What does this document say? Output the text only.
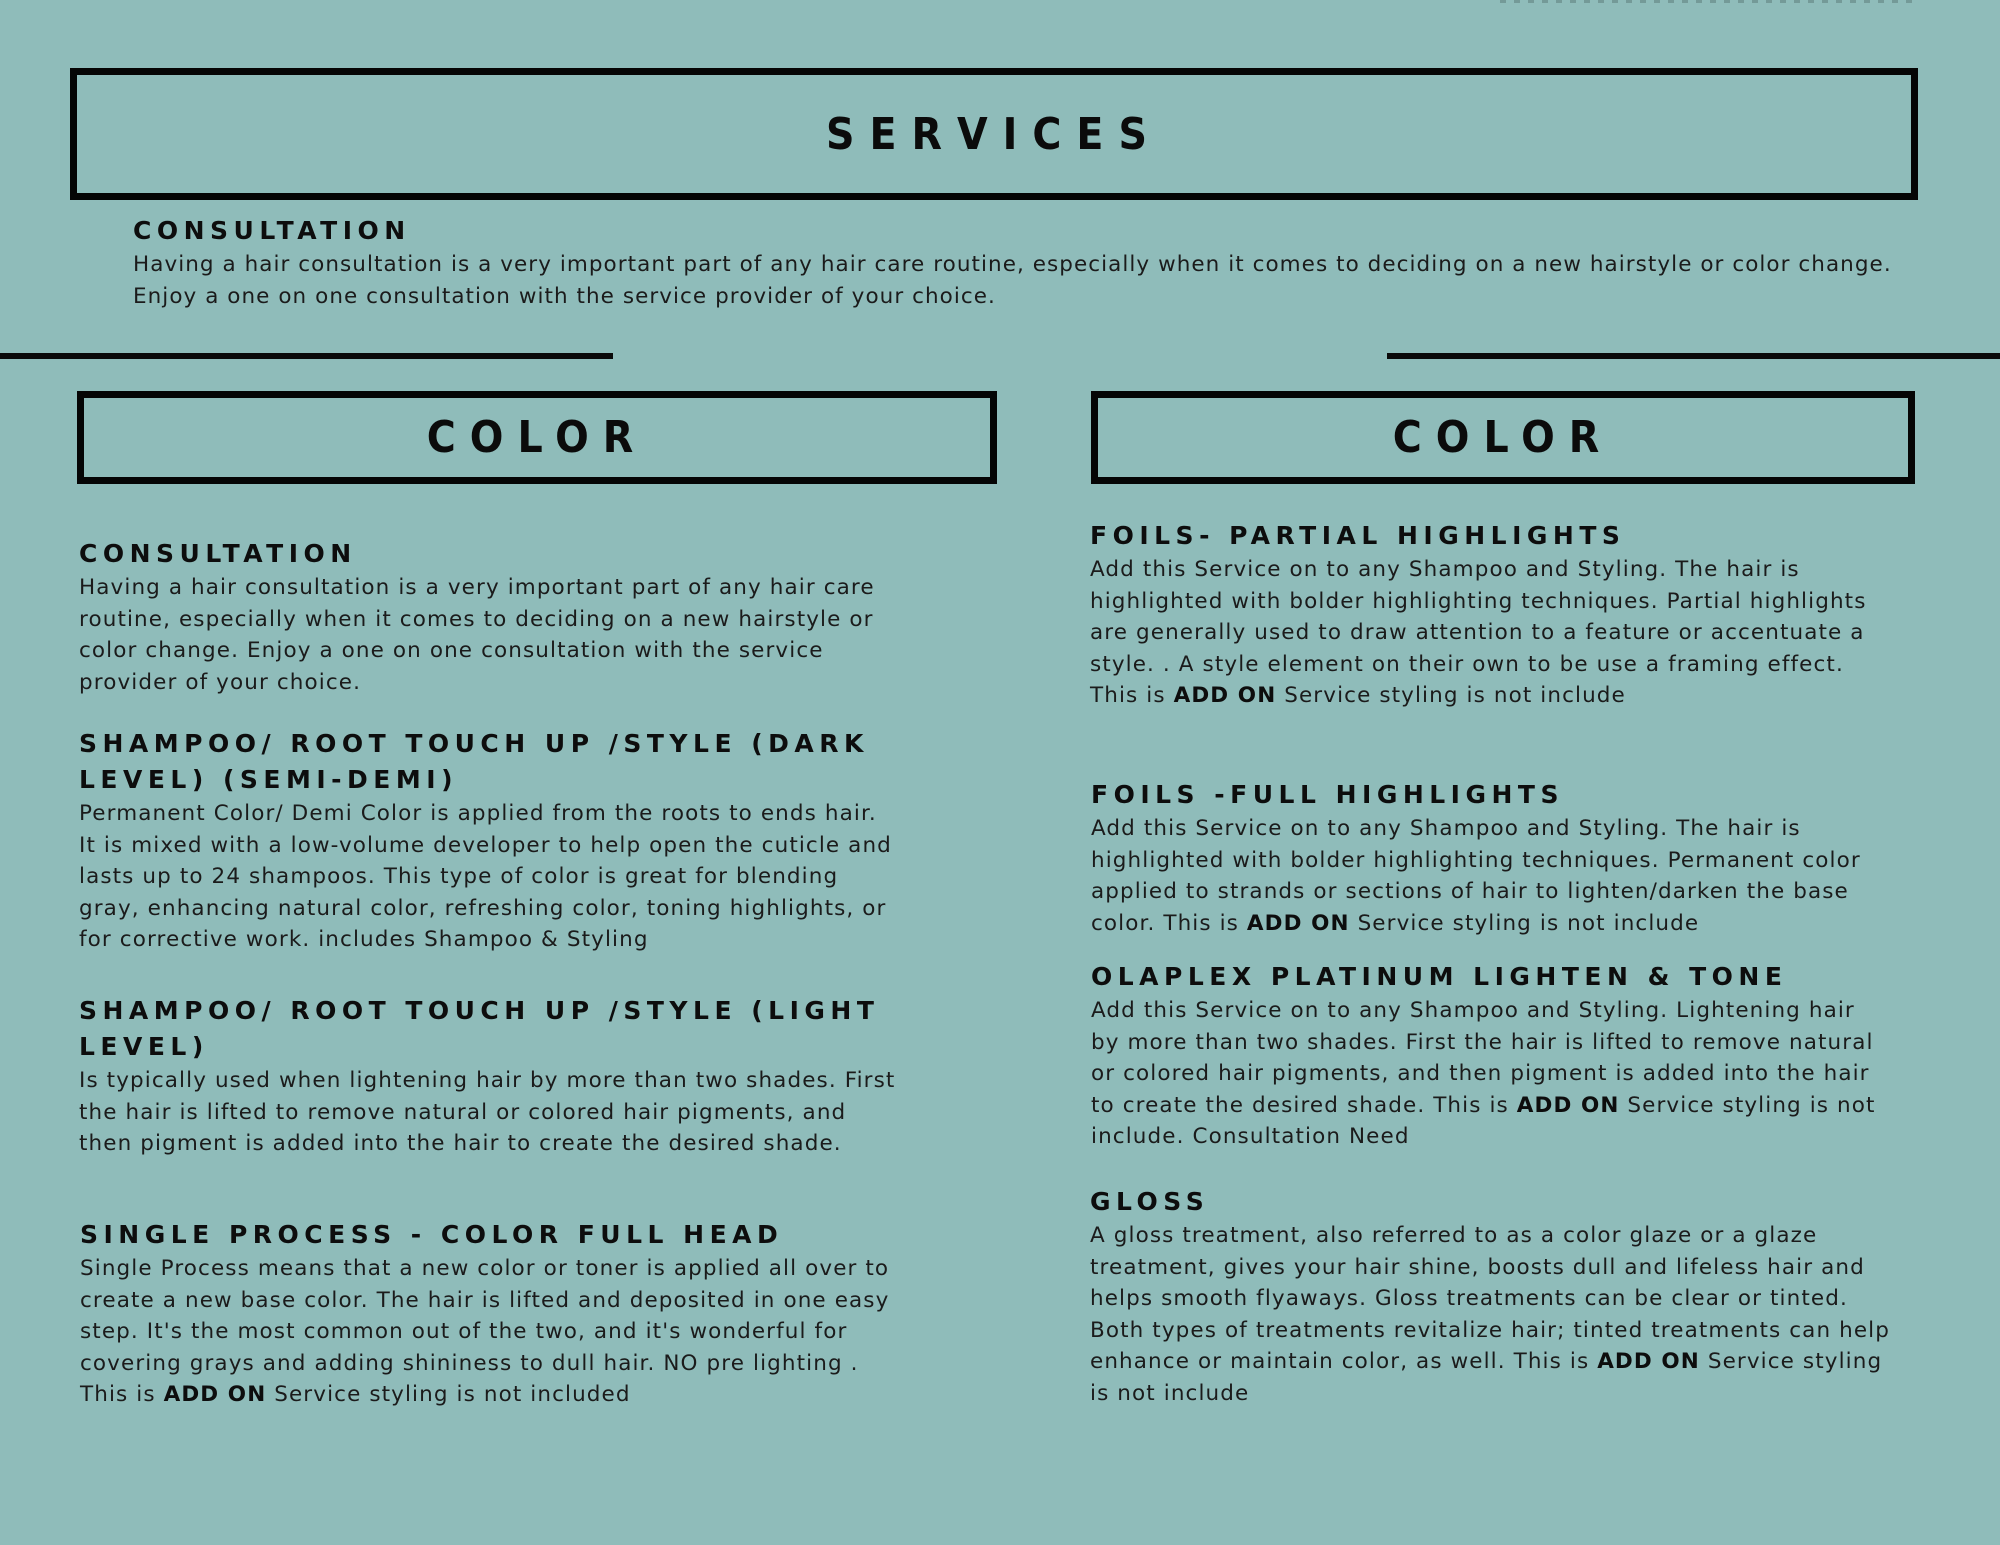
SERVICES
CONSULTATION

Having a hair consultation is a very important part of any hair care routine, especially when it comes to deciding on a new hairstyle or color change. Enjoy a one on one consultation with the service provider of your choice.

COLOR	COLOR
CONSULTATION

Having a hair consultation is a very important part of any hair care routine, especially when it comes to deciding on a new hairstyle or color change. Enjoy a one on one consultation with the service provider of your choice.

SHAMPOO/ ROOT TOUCH UP /STYLE (DARK LEVEL) (SEMI-DEMI)

Permanent Color/ Demi Color is applied from the roots to ends hair. It is mixed with a low-volume developer to help open the cuticle and lasts up to 24 shampoos. This type of color is great for blending gray, enhancing natural color, refreshing color, toning highlights, or for corrective work. includes Shampoo & Styling

SHAMPOO/ ROOT TOUCH UP /STYLE (LIGHT LEVEL)

Is typically used when lightening hair by more than two shades. First the hair is lifted to remove natural or colored hair pigments, and then pigment is added into the hair to create the desired shade.

SINGLE PROCESS - COLOR FULL HEAD

Single Process means that a new color or toner is applied all over to create a new base color. The hair is lifted and deposited in one easy step. It's the most common out of the two, and it's wonderful for covering grays and adding shininess to dull hair. NO pre lighting . This is ADD ON Service styling is not included

FOILS- PARTIAL HIGHLIGHTS

Add this Service on to any Shampoo and Styling. The hair is highlighted with bolder highlighting techniques. Partial highlights are generally used to draw attention to a feature or accentuate a style. . A style element on their own to be use a framing effect. This is ADD ON Service styling is not include

FOILS -FULL HIGHLIGHTS

Add this Service on to any Shampoo and Styling. The hair is highlighted with bolder highlighting techniques. Permanent color applied to strands or sections of hair to lighten/darken the base color. This is ADD ON Service styling is not include

OLAPLEX PLATINUM LIGHTEN & TONE

Add this Service on to any Shampoo and Styling. Lightening hair by more than two shades. First the hair is lifted to remove natural or colored hair pigments, and then pigment is added into the hair to create the desired shade. This is ADD ON Service styling is not include. Consultation Need

GLOSS

A gloss treatment, also referred to as a color glaze or a glaze treatment, gives your hair shine, boosts dull and lifeless hair and helps smooth flyaways. Gloss treatments can be clear or tinted. Both types of treatments revitalize hair; tinted treatments can help enhance or maintain color, as well. This is ADD ON Service styling is not include
